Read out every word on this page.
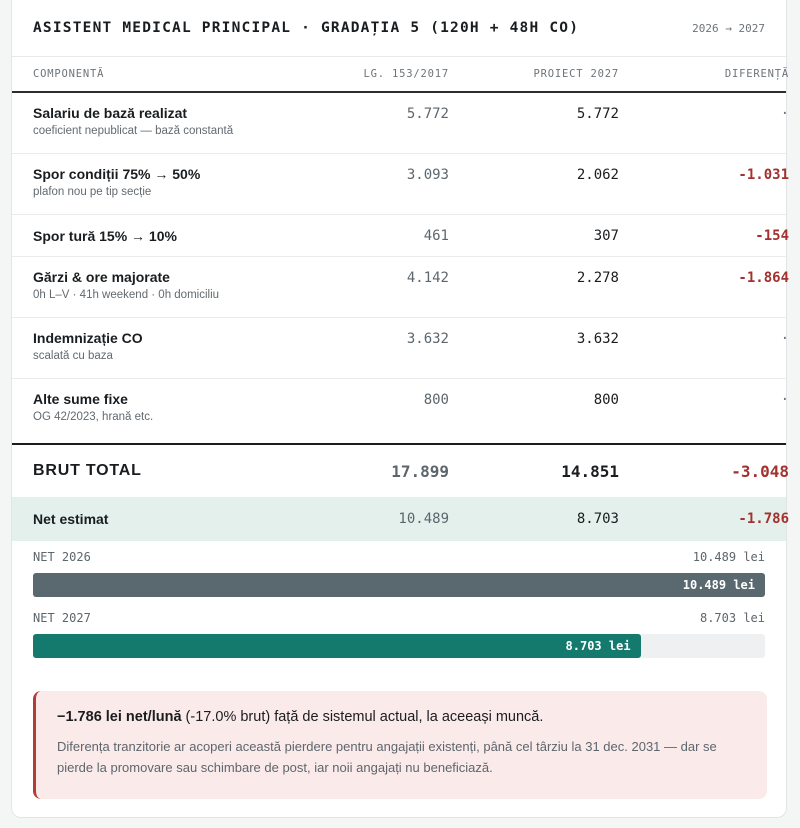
ASISTENT MEDICAL PRINCIPAL · GRADAȚIA 5 (120H + 48H CO)	2026 → 2027
COMPONENTĂ	LG. 153/2017	PROIECT 2027	DIFERENȚĂ
Salariu de bază realizat
coeficient nepublicat — bază constantă
5.772	5.772	·
Spor condiții 75% → 50%
plafon nou pe tip secție
3.093	2.062	-1.031
Spor tură 15% → 10%	461	307	-154
Gărzi & ore majorate
0h L–V · 41h weekend · 0h domiciliu
4.142	2.278	-1.864
Indemnizație CO
scalată cu baza
3.632	3.632	·
Alte sume fixe
OG 42/2023, hrană etc.
800	800	·
BRUT TOTAL	17.899	14.851	-3.048
Net estimat	10.489	8.703	-1.786
NET 2026	10.489 lei
10.489 lei
NET 2027	8.703 lei
8.703 lei
−1.786 lei net/lună (-17.0% brut) față de sistemul actual, la aceeași muncă.
Diferența tranzitorie ar acoperi această pierdere pentru angajații existenți, până cel târziu la 31 dec. 2031 — dar se pierde la promovare sau schimbare de post, iar noii angajați nu beneficiază.
